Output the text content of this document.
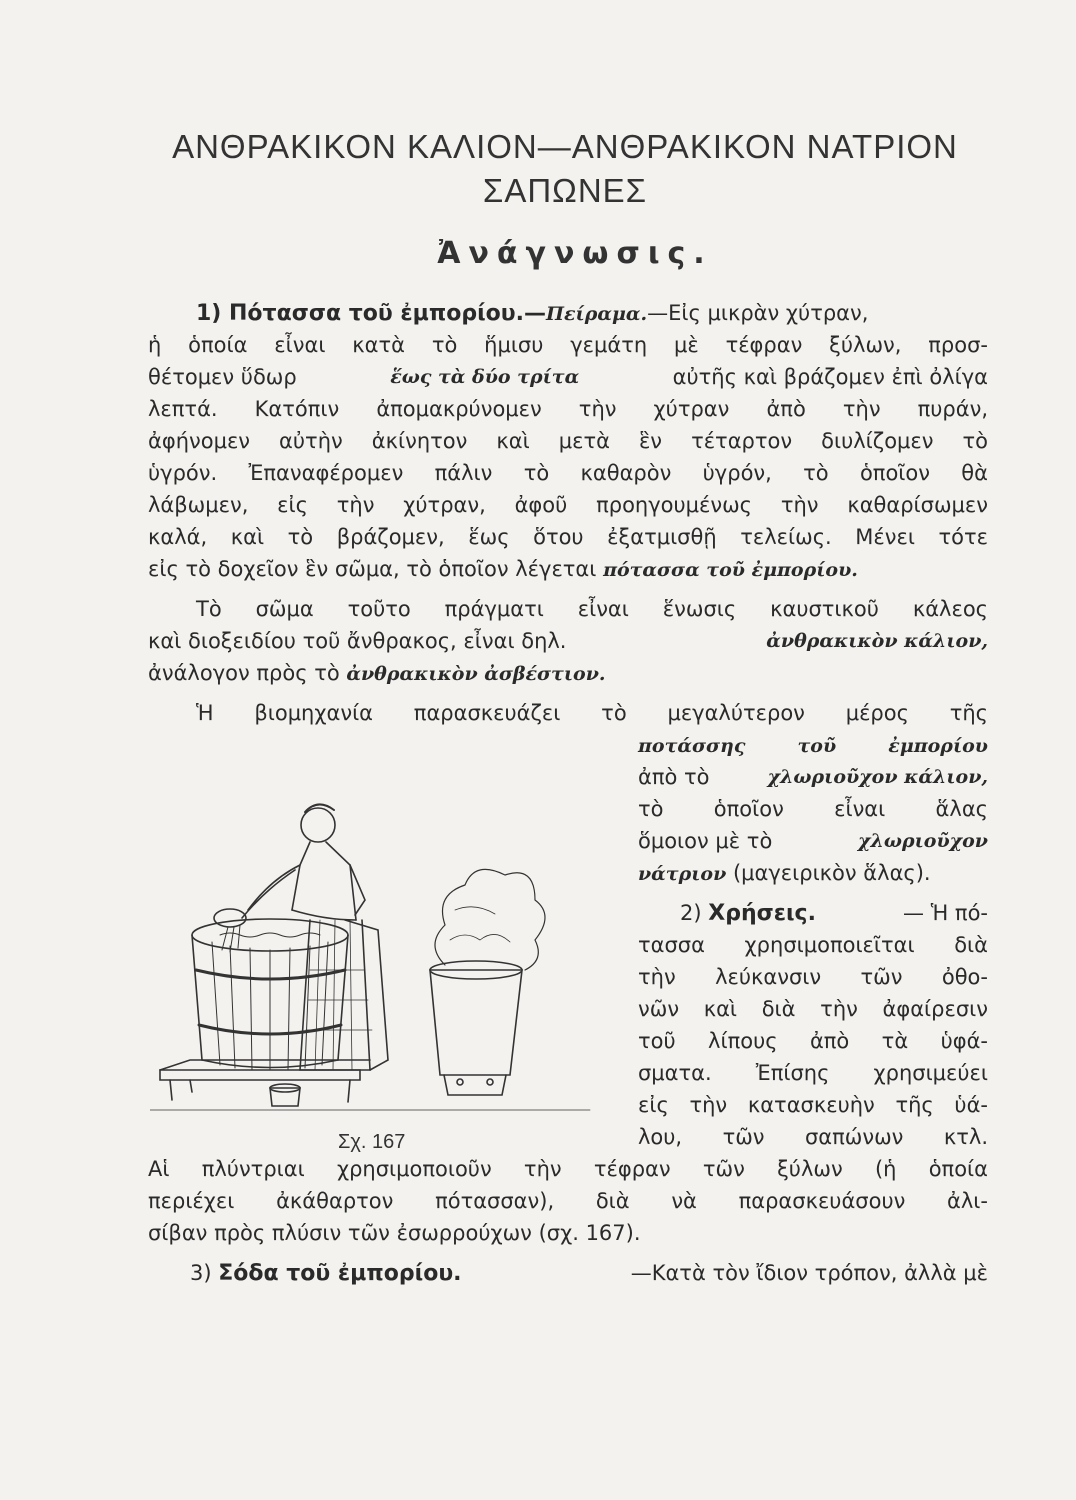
ΑΝΘΡΑΚΙΚΟΝ ΚΑΛΙΟΝ—ΑΝΘΡΑΚΙΚΟΝ ΝΑΤΡΙΟΝ
ΣΑΠΩΝΕΣ
Ἀνάγνωσις.
1) Πότασσα τοῦ ἐμπορίου.—Πείραμα.—Εἰς μικρὰν χύτραν,
ἡ ὁποία εἶναι κατὰ τὸ ἥμισυ γεμάτη μὲ τέφραν ξύλων, προσ-
θέτομεν ὕδωρ	ἕως τὰ δύο τρίτα	αὐτῆς καὶ βράζομεν ἐπὶ ὀλίγα
λεπτά. Κατόπιν ἀπομακρύνομεν τὴν χύτραν ἀπὸ τὴν πυράν,
ἀφήνομεν αὐτὴν ἀκίνητον καὶ μετὰ ἓν τέταρτον διυλίζομεν τὸ
ὑγρόν. Ἐπαναφέρομεν πάλιν τὸ καθαρὸν ὑγρόν, τὸ ὁποῖον θὰ
λάβωμεν, εἰς τὴν χύτραν, ἀφοῦ προηγουμένως τὴν καθαρίσωμεν
καλά, καὶ τὸ βράζομεν, ἕως ὅτου ἐξατμισθῇ τελείως. Μένει τότε
εἰς τὸ δοχεῖον ἓν σῶμα, τὸ ὁποῖον λέγεται πότασσα τοῦ ἐμπορίου.
Τὸ σῶμα τοῦτο πράγματι εἶναι ἕνωσις καυστικοῦ κάλεος
καὶ διοξειδίου τοῦ ἄνθρακος, εἶναι δηλ.	ἀνθρακικὸν κάλιον,
ἀνάλογον πρὸς τὸ ἀνθρακικὸν ἀσβέστιον.
Ἡ βιομηχανία παρασκευάζει τὸ μεγαλύτερον μέρος τῆς
ποτάσσης τοῦ ἐμπορίου
ἀπὸ τὸ	χλωριοῦχον κάλιον,
τὸ ὁποῖον εἶναι ἅλας
ὅμοιον μὲ τὸ	χλωριοῦχον
νάτριον (μαγειρικὸν ἅλας).
2) Χρήσεις.	— Ἡ πό-
τασσα χρησιμοποιεῖται διὰ
τὴν λεύκανσιν τῶν ὀθο-
νῶν καὶ διὰ τὴν ἀφαίρεσιν
τοῦ λίπους ἀπὸ τὰ ὑφά-
σματα. Ἐπίσης χρησιμεύει
εἰς τὴν κατασκευὴν τῆς ὑά-
λου, τῶν σαπώνων κτλ.
Αἱ πλύντριαι χρησιμοποιοῦν τὴν τέφραν τῶν ξύλων (ἡ ὁποία
περιέχει ἀκάθαρτον πότασσαν), διὰ νὰ παρασκευάσουν ἀλι-
σίβαν πρὸς πλύσιν τῶν ἐσωρρούχων (σχ. 167).
3) Σόδα τοῦ ἐμπορίου.	—Κατὰ τὸν ἴδιον τρόπον, ἀλλὰ μὲ
Σχ. 167
